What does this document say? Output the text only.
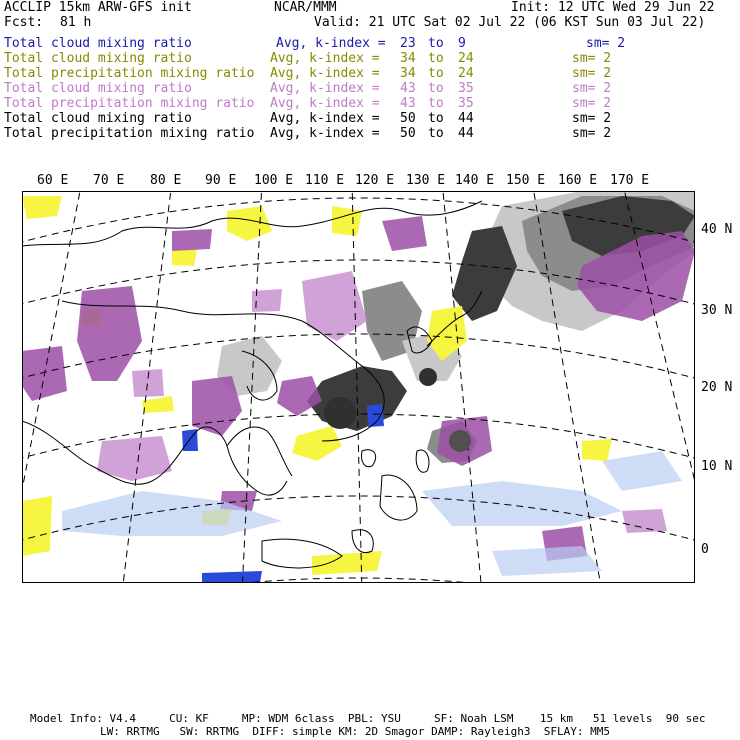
ACCLIP 15km ARW-GFS init	NCAR/MMM	Init: 12 UTC Wed 29 Jun 22
Fcst: 81 h	Valid: 21 UTC Sat 02 Jul 22 (06 KST Sun 03 Jul 22)
Total cloud mixing ratio	Avg, k-index = 23 to 9	sm= 2
Total cloud mixing ratio	Avg, k-index = 34 to 24	sm= 2
Total precipitation mixing ratio Avg, k-index = 34 to 24	sm= 2
Total cloud mixing ratio	Avg, k-index = 43 to 35	sm= 2
Total precipitation mixing ratio Avg, k-index = 43 to 35	sm= 2
Total cloud mixing ratio	Avg, k-index = 50 to 44	sm= 2
Total precipitation mixing ratio Avg, k-index = 50 to 44	sm= 2
60 E 70 E 80 E 90 E 100 E 110 E 120 E 130 E 140 E 150 E 160 E 170 E
40 N
30 N
20 N
10 N
0
Model Info: V4.4     CU: KF     MP: WDM 6class  PBL: YSU     SF: Noah LSM    15 km   51 levels  90 sec
LW: RRTMG   SW: RRTMG  DIFF: simple KM: 2D Smagor DAMP: Rayleigh3  SFLAY: MM5
